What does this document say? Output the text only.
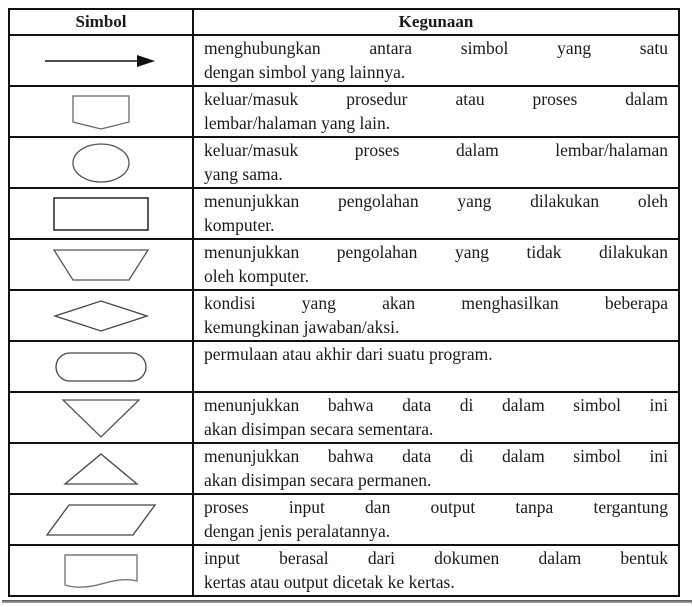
Simbol	Kegunaan

menghubungkan antara simbol yang satu
dengan simbol yang lainnya.

keluar/masuk prosedur atau proses dalam
lembar/halaman yang lain.

keluar/masuk proses dalam lembar/halaman
yang sama.

menunjukkan pengolahan yang dilakukan oleh
komputer.

menunjukkan pengolahan yang tidak dilakukan
oleh komputer.

kondisi yang akan menghasilkan beberapa
kemungkinan jawaban/aksi.

permulaan atau akhir dari suatu program.

menunjukkan bahwa data di dalam simbol ini
akan disimpan secara sementara.

menunjukkan bahwa data di dalam simbol ini
akan disimpan secara permanen.

proses input dan output tanpa tergantung
dengan jenis peralatannya.

input berasal dari dokumen dalam bentuk
kertas atau output dicetak ke kertas.
